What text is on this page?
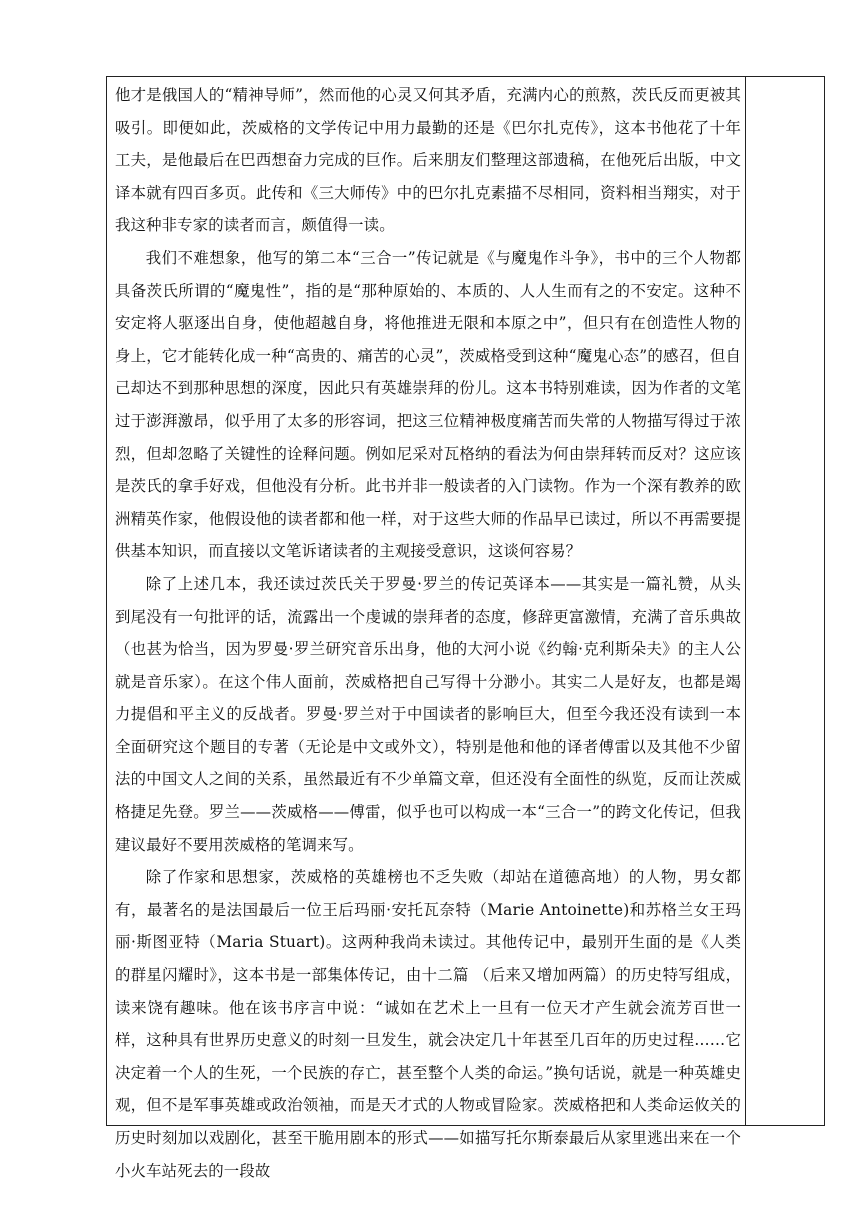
他才是俄国人的“精神导师”，然而他的心灵又何其矛盾，充满内心的煎熬，茨氏反而更被其吸引。即便如此，茨威格的文学传记中用力最勤的还是《巴尔扎克传》，这本书他花了十年工夫，是他最后在巴西想奋力完成的巨作。后来朋友们整理这部遗稿，在他死后出版，中文译本就有四百多页。此传和《三大师传》中的巴尔扎克素描不尽相同，资料相当翔实，对于我这种非专家的读者而言，颇值得一读。

我们不难想象，他写的第二本“三合一”传记就是《与魔鬼作斗争》，书中的三个人物都具备茨氏所谓的“魔鬼性”，指的是“那种原始的、本质的、人人生而有之的不安定。这种不安定将人驱逐出自身，使他超越自身，将他推进无限和本原之中”，但只有在创造性人物的身上，它才能转化成一种“高贵的、痛苦的心灵”，茨威格受到这种“魔鬼心态”的感召，但自己却达不到那种思想的深度，因此只有英雄崇拜的份儿。这本书特别难读，因为作者的文笔过于澎湃激昂，似乎用了太多的形容词，把这三位精神极度痛苦而失常的人物描写得过于浓烈，但却忽略了关键性的诠释问题。例如尼采对瓦格纳的看法为何由崇拜转而反对？这应该是茨氏的拿手好戏，但他没有分析。此书并非一般读者的入门读物。作为一个深有教养的欧洲精英作家，他假设他的读者都和他一样，对于这些大师的作品早已读过，所以不再需要提供基本知识，而直接以文笔诉诸读者的主观接受意识，这谈何容易？

除了上述几本，我还读过茨氏关于罗曼·罗兰的传记英译本——其实是一篇礼赞，从头到尾没有一句批评的话，流露出一个虔诚的崇拜者的态度，修辞更富激情，充满了音乐典故（也甚为恰当，因为罗曼·罗兰研究音乐出身，他的大河小说《约翰·克利斯朵夫》的主人公就是音乐家）。在这个伟人面前，茨威格把自己写得十分渺小。其实二人是好友，也都是竭力提倡和平主义的反战者。罗曼·罗兰对于中国读者的影响巨大，但至今我还没有读到一本全面研究这个题目的专著（无论是中文或外文），特别是他和他的译者傅雷以及其他不少留法的中国文人之间的关系，虽然最近有不少单篇文章，但还没有全面性的纵览，反而让茨威格捷足先登。罗兰——茨威格——傅雷，似乎也可以构成一本“三合一”的跨文化传记，但我建议最好不要用茨威格的笔调来写。

除了作家和思想家，茨威格的英雄榜也不乏失败（却站在道德高地）的人物，男女都有，最著名的是法国最后一位王后玛丽·安托瓦奈特（Marie Antoinette)和苏格兰女王玛丽·斯图亚特（Maria Stuart)。这两种我尚未读过。其他传记中，最别开生面的是《人类的群星闪耀时》，这本书是一部集体传记，由十二篇 （后来又增加两篇）的历史特写组成，读来饶有趣味。他在该书序言中说：“诚如在艺术上一旦有一位天才产生就会流芳百世一样，这种具有世界历史意义的时刻一旦发生，就会决定几十年甚至几百年的历史过程……它决定着一个人的生死，一个民族的存亡，甚至整个人类的命运。”换句话说，就是一种英雄史观，但不是军事英雄或政治领袖，而是天才式的人物或冒险家。茨威格把和人类命运攸关的历史时刻加以戏剧化，甚至干脆用剧本的形式——如描写托尔斯泰最后从家里逃出来在一个小火车站死去的一段故
